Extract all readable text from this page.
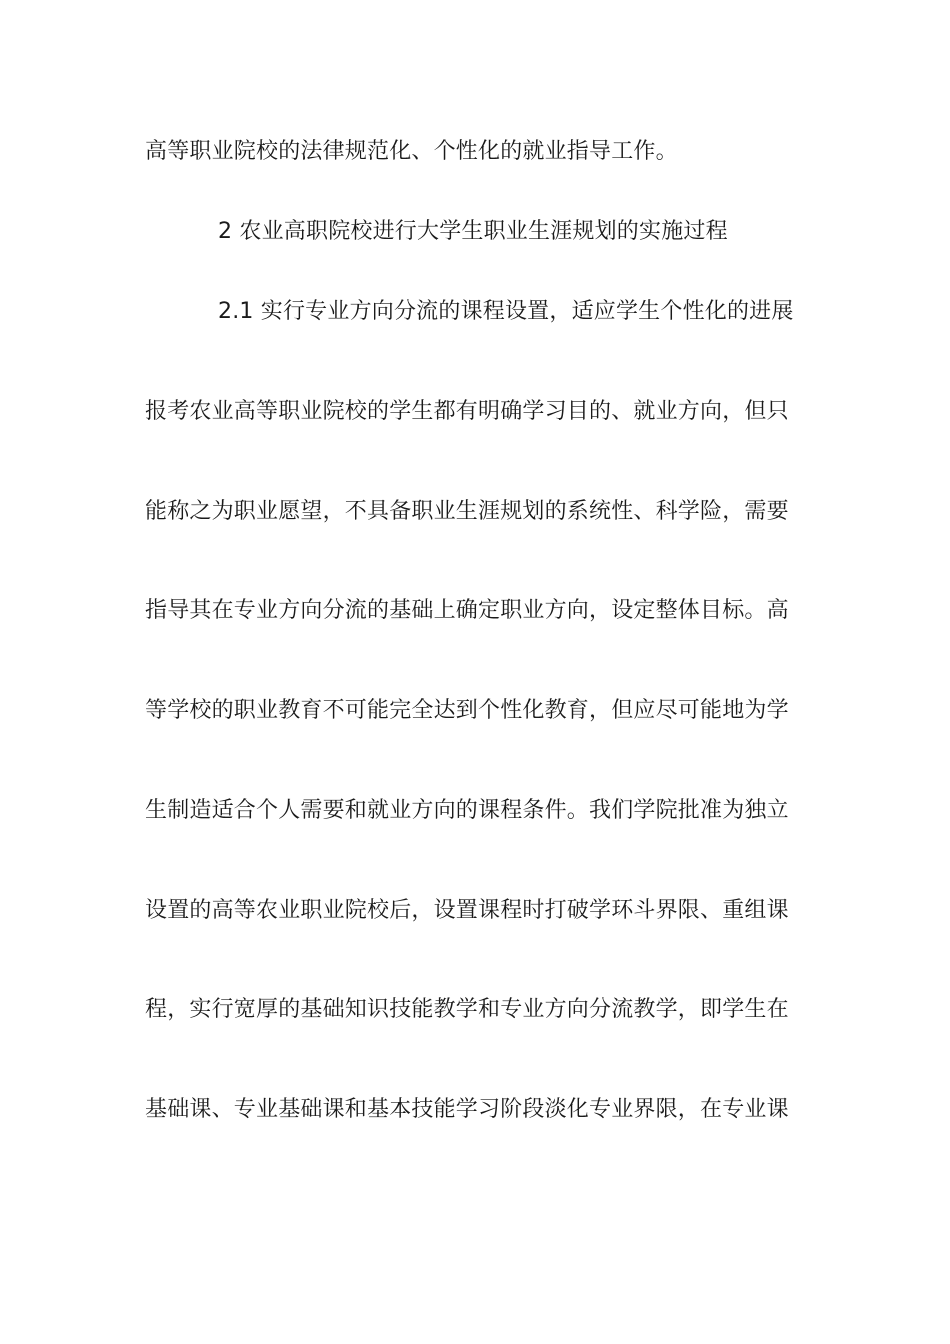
高等职业院校的法律规范化、个性化的就业指导工作。
2 农业高职院校进行大学生职业生涯规划的实施过程
2.1 实行专业方向分流的课程设置，适应学生个性化的进展
报考农业高等职业院校的学生都有明确学习目的、就业方向，但只
能称之为职业愿望，不具备职业生涯规划的系统性、科学险，需要
指导其在专业方向分流的基础上确定职业方向，设定整体目标。高
等学校的职业教育不可能完全达到个性化教育，但应尽可能地为学
生制造适合个人需要和就业方向的课程条件。我们学院批准为独立
设置的高等农业职业院校后，设置课程时打破学环斗界限、重组课
程，实行宽厚的基础知识技能教学和专业方向分流教学，即学生在
基础课、专业基础课和基本技能学习阶段淡化专业界限，在专业课
